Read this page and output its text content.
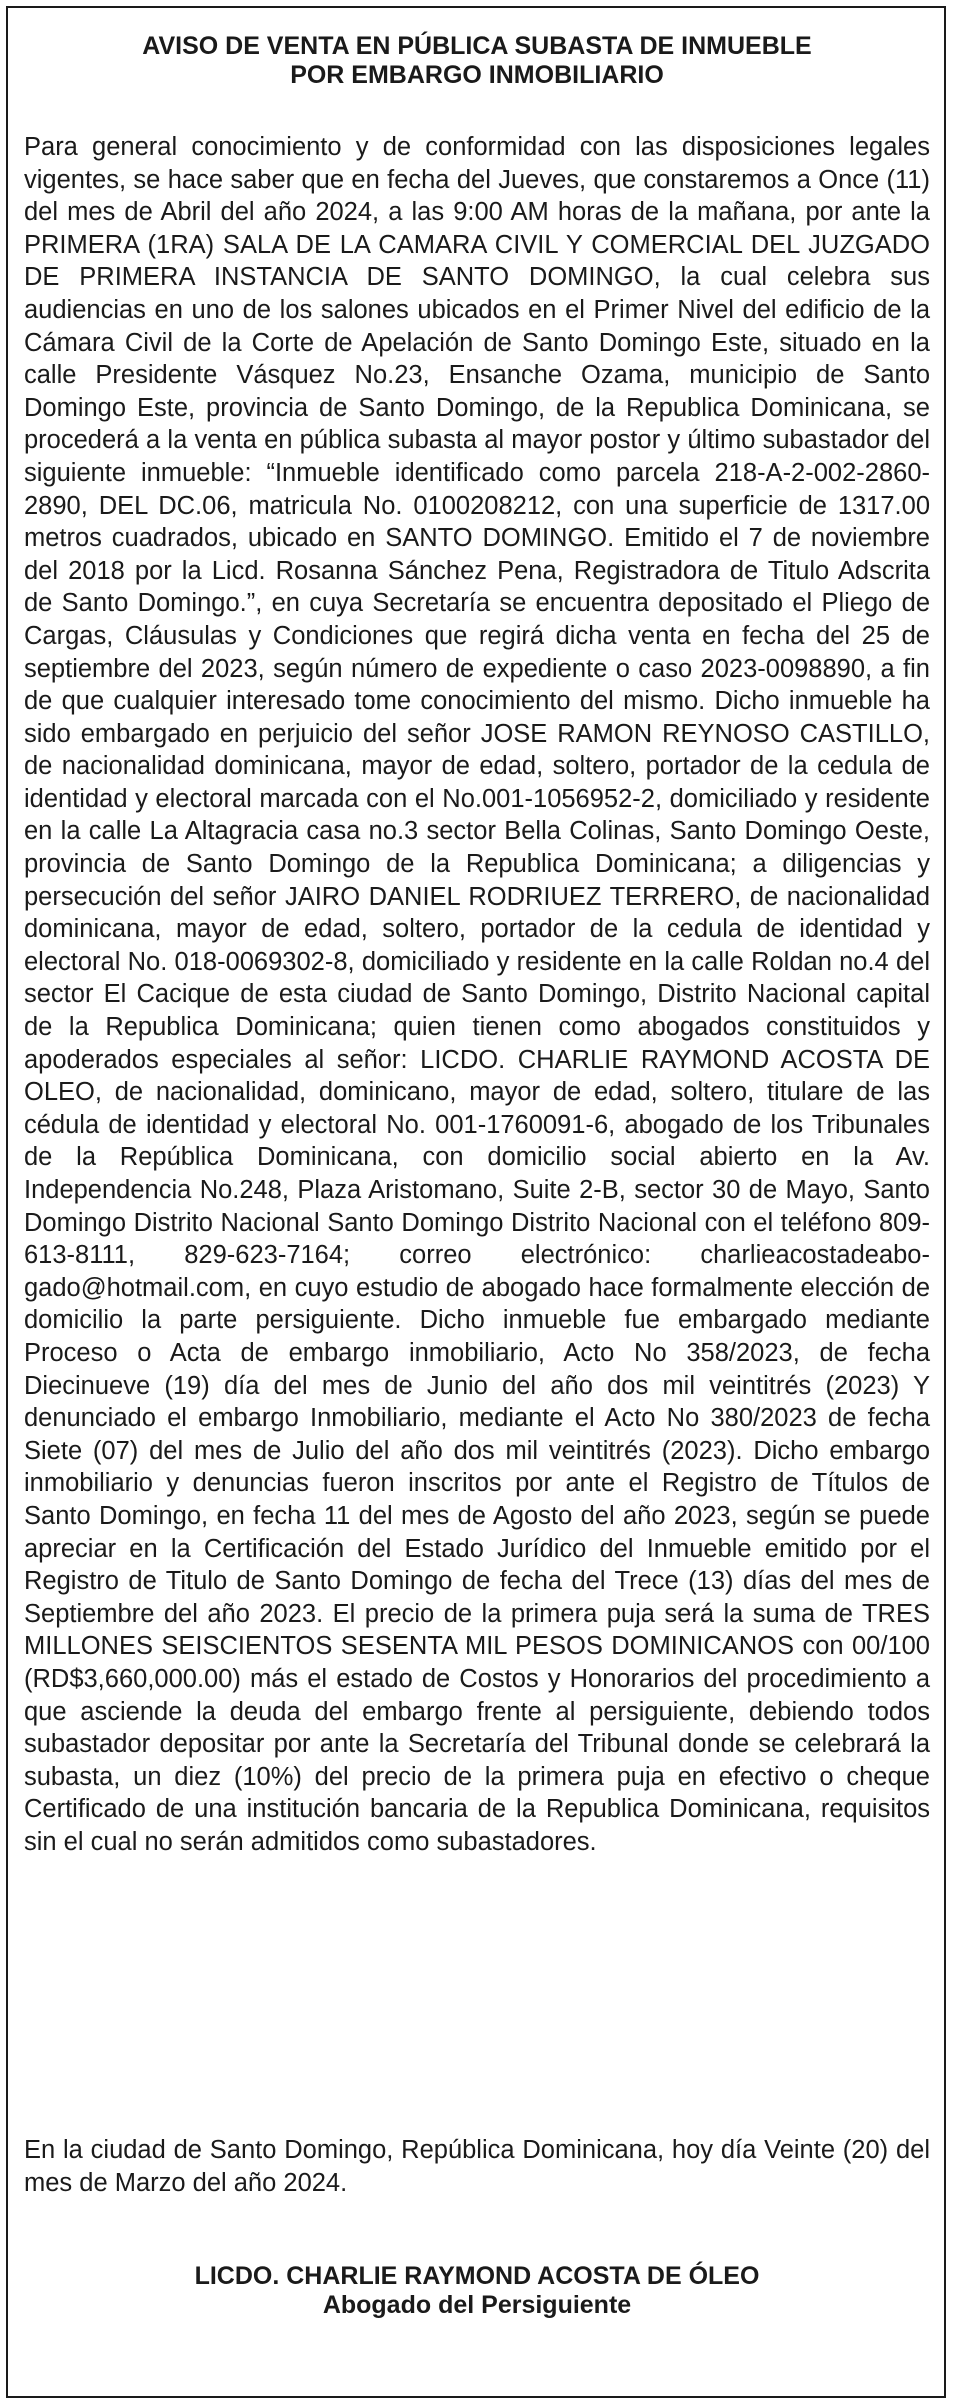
AVISO DE VENTA EN PÚBLICA SUBASTA DE INMUEBLE
POR EMBARGO INMOBILIARIO
Para general conocimiento y de conformidad con las disposiciones legales vigentes, se hace saber que en fecha del Jueves, que constaremos a Once (11) del mes de Abril del año 2024, a las 9:00 AM horas de la mañana, por ante la PRIMERA (1RA) SALA DE LA CAMARA CIVIL Y COMERCIAL DEL JUZGADO DE PRIMERA INSTANCIA DE SANTO DOMINGO, la cual celebra sus audiencias en uno de los salones ubicados en el Primer Nivel del edificio de la Cámara Civil de la Corte de Apelación de Santo Domingo Este, situado en la calle Presidente Vásquez No.23, Ensanche Ozama, municipio de Santo Domingo Este, provincia de Santo Domingo, de la Republica Dominicana, se procederá a la venta en pública subasta al mayor postor y último subastador del siguiente inmueble: “Inmueble identificado como parcela 218-A-2-002-2860-2890, DEL DC.06, matricula No. 0100208212, con una superficie de 1317.00 metros cuadrados, ubicado en SANTO DOMINGO. Emitido el 7 de noviembre del 2018 por la Licd. Rosanna Sánchez Pena, Registradora de Titulo Adscrita de Santo Domingo.”, en cuya Secretaría se encuentra depositado el Pliego de Cargas, Cláusulas y Condiciones que regirá dicha venta en fecha del 25 de septiembre del 2023, según número de expediente o caso 2023-0098890, a fin de que cualquier interesado tome conocimiento del mismo. Dicho inmueble ha sido embargado en perjuicio del señor JOSE RAMON REYNOSO CASTILLO, de nacionalidad dominicana, mayor de edad, soltero, portador de la cedula de identidad y electoral marcada con el No.001-1056952-2, domiciliado y residente en la calle La Altagracia casa no.3 sector Bella Colinas, Santo Domingo Oeste, provincia de Santo Domingo de la Republica Dominicana; a diligencias y persecución del señor JAIRO DANIEL RODRIUEZ TERRERO, de nacionalidad dominicana, mayor de edad, soltero, portador de la cedula de identidad y electoral No. 018-0069302-8, domiciliado y residente en la calle Roldan no.4 del sector El Cacique de esta ciudad de Santo Domingo, Distrito Nacional capital de la Republica Dominicana; quien tienen como abogados constituidos y apoderados especiales al señor: LICDO. CHARLIE RAYMOND ACOSTA DE OLEO, de nacionalidad, dominicano, mayor de edad, soltero, titulare de las cédula de identidad y electoral No. 001-1760091-6, abogado de los Tribunales de la República Dominicana, con domicilio social abierto en la Av. Independencia No.248, Plaza Aristomano, Suite 2-B, sector 30 de Mayo, Santo Domingo Distrito Nacional Santo Domingo Distrito Nacional con el teléfono 809-613-8111, 829-623-7164; correo electrónico: charlieacostadeabogado@hotmail.com, en cuyo estudio de abogado hace formalmente elección de domicilio la parte persiguiente. Dicho inmueble fue embargado mediante Proceso o Acta de embargo inmobiliario, Acto No 358/2023, de fecha Diecinueve (19) día del mes de Junio del año dos mil veintitrés (2023) Y denunciado el embargo Inmobiliario, mediante el Acto No 380/2023 de fecha Siete (07) del mes de Julio del año dos mil veintitrés (2023). Dicho embargo inmobiliario y denuncias fueron inscritos por ante el Registro de Títulos de Santo Domingo, en fecha 11 del mes de Agosto del año 2023, según se puede apreciar en la Certificación del Estado Jurídico del Inmueble emitido por el Registro de Titulo de Santo Domingo de fecha del Trece (13) días del mes de Septiembre del año 2023. El precio de la primera puja será la suma de TRES MILLONES SEISCIENTOS SESENTA MIL PESOS DOMINICANOS con 00/100 (RD$3,660,000.00) más el estado de Costos y Honorarios del procedimiento a que asciende la deuda del embargo frente al persiguiente, debiendo todos subastador depositar por ante la Secretaría del Tribunal donde se celebrará la subasta, un diez (10%) del precio de la primera puja en efectivo o cheque Certificado de una institución bancaria de la Republica Dominicana, requisitos sin el cual no serán admitidos como subastadores.
En la ciudad de Santo Domingo, República Dominicana, hoy día Veinte (20) del mes de Marzo del año 2024.
LICDO. CHARLIE RAYMOND ACOSTA DE ÓLEO
Abogado del Persiguiente
